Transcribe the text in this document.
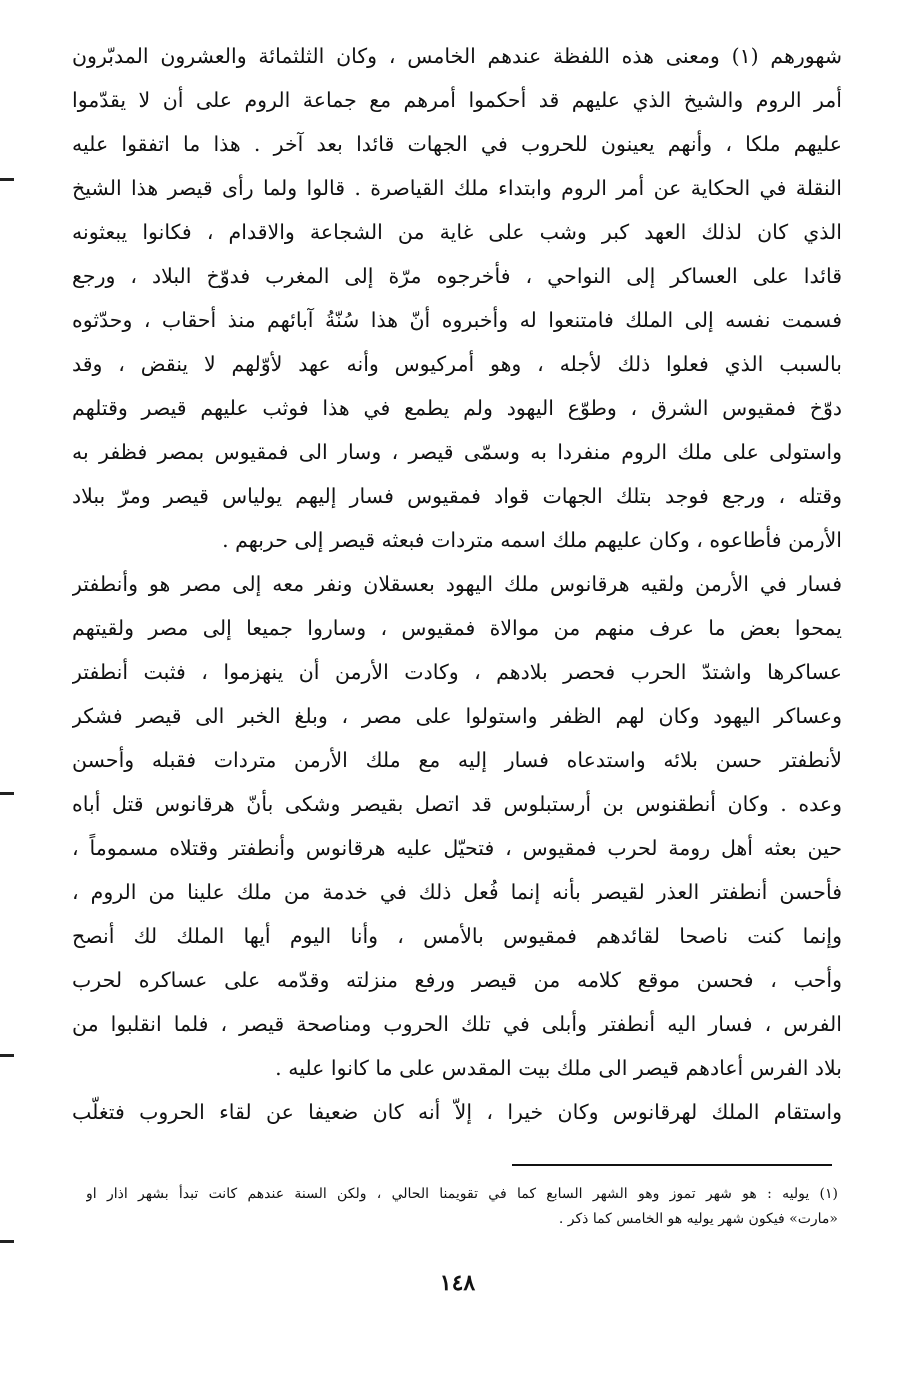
شهورهم (١) ومعنى هذه اللفظة عندهم الخامس ، وكان الثلثمائة والعشرون المدبّرون
أمر الروم والشيخ الذي عليهم قد أحكموا أمرهم مع جماعة الروم على أن لا يقدّموا
عليهم ملكا ، وأنهم يعينون للحروب في الجهات قائدا بعد آخر . هذا ما اتفقوا عليه
النقلة في الحكاية عن أمر الروم وابتداء ملك القياصرة . قالوا ولما رأى قيصر هذا الشيخ
الذي كان لذلك العهد كبر وشب على غاية من الشجاعة والاقدام ، فكانوا يبعثونه
قائدا على العساكر إلى النواحي ، فأخرجوه مرّة إلى المغرب فدوّخ البلاد ، ورجع
فسمت نفسه إلى الملك فامتنعوا له وأخبروه أنّ هذا سُنّةُ آبائهم منذ أحقاب ، وحدّثوه
بالسبب الذي فعلوا ذلك لأجله ، وهو أمركيوس وأنه عهد لأوّلهم لا ينقض ، وقد
دوّخ فمقيوس الشرق ، وطوّع اليهود ولم يطمع في هذا فوثب عليهم قيصر وقتلهم
واستولى على ملك الروم منفردا به وسمّى قيصر ، وسار الى فمقيوس بمصر فظفر به
وقتله ، ورجع فوجد بتلك الجهات قواد فمقيوس فسار إليهم يولياس قيصر ومرّ ببلاد
الأرمن فأطاعوه ، وكان عليهم ملك اسمه متردات فبعثه قيصر إلى حربهم .
فسار في الأرمن ولقيه هرقانوس ملك اليهود بعسقلان ونفر معه إلى مصر هو وأنطفتر
يمحوا بعض ما عرف منهم من موالاة فمقيوس ، وساروا جميعا إلى مصر ولقيتهم
عساكرها واشتدّ الحرب فحصر بلادهم ، وكادت الأرمن أن ينهزموا ، فثبت أنطفتر
وعساكر اليهود وكان لهم الظفر واستولوا على مصر ، وبلغ الخبر الى قيصر فشكر
لأنطفتر حسن بلائه واستدعاه فسار إليه مع ملك الأرمن متردات فقبله وأحسن
وعده . وكان أنطقنوس بن أرستبلوس قد اتصل بقيصر وشكى بأنّ هرقانوس قتل أباه
حين بعثه أهل رومة لحرب فمقيوس ، فتحيّل عليه هرقانوس وأنطفتر وقتلاه مسموماً ،
فأحسن أنطفتر العذر لقيصر بأنه إنما فُعل ذلك في خدمة من ملك علينا من الروم ،
وإنما كنت ناصحا لقائدهم فمقيوس بالأمس ، وأنا اليوم أيها الملك لك أنصح
وأحب ، فحسن موقع كلامه من قيصر ورفع منزلته وقدّمه على عساكره لحرب
الفرس ، فسار اليه أنطفتر وأبلى في تلك الحروب ومناصحة قيصر ، فلما انقلبوا من
بلاد الفرس أعادهم قيصر الى ملك بيت المقدس على ما كانوا عليه .
واستقام الملك لهرقانوس وكان خيرا ، إلاّ أنه كان ضعيفا عن لقاء الحروب فتغلّب
(١) يوليه : هو شهر تموز وهو الشهر السابع كما في تقويمنا الحالي ، ولكن السنة عندهم كانت تبدأ بشهر اذار او
«مارت» فيكون شهر يوليه هو الخامس كما ذكر .
١٤٨
